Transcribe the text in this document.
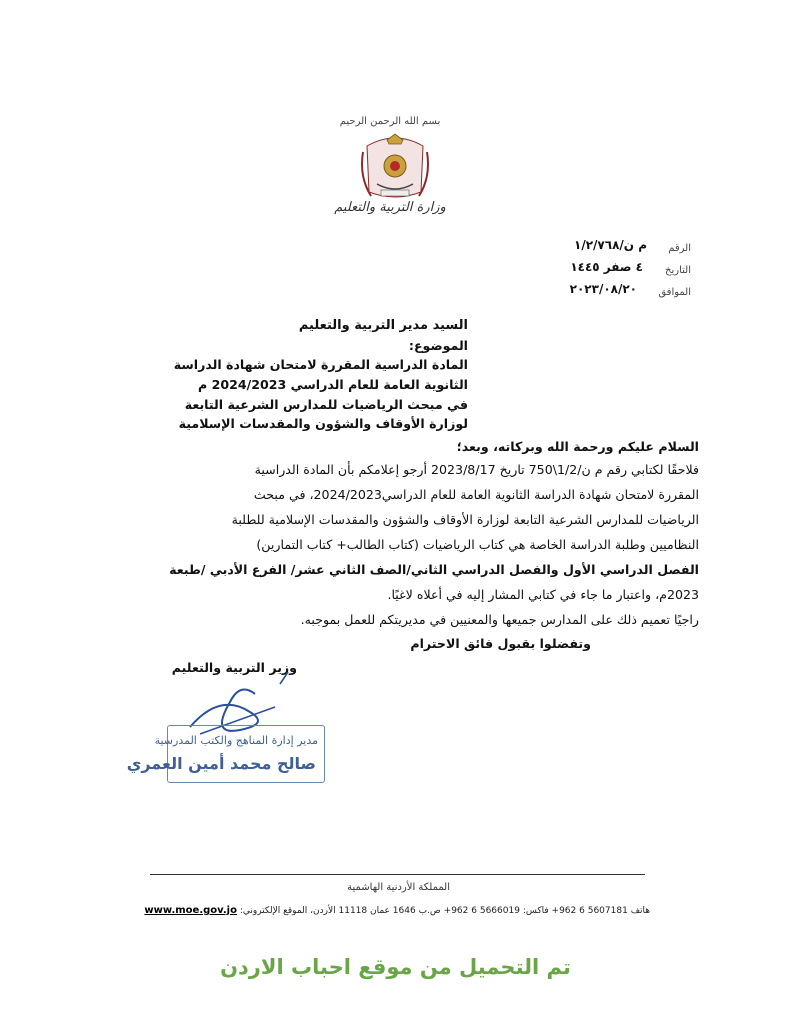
بسم الله الرحمن الرحيم
وزارة التربية والتعليم
الرقم
م ن/١/٢/٧٦٨
التاريخ
٤ صفر ١٤٤٥
الموافق
٢٠٢٣/٠٨/٢٠
السيد مدير التربية والتعليم
الموضوع:
المادة الدراسية المقررة لامتحان شهادة الدراسة
الثانوية العامة للعام الدراسي 2024/2023 م
في مبحث الرياضيات للمدارس الشرعية التابعة
لوزارة الأوقاف والشؤون والمقدسات الإسلامية
السلام عليكم ورحمة الله وبركاته، وبعد؛
فلاحقًا لكتابي رقم م ن/1/2\750 تاريخ 2023/8/17 أرجو إعلامكم بأن المادة الدراسية
المقررة لامتحان شهادة الدراسة الثانوية العامة للعام الدراسي2024/2023، في مبحث
الرياضيات للمدارس الشرعية التابعة لوزارة الأوقاف والشؤون والمقدسات الإسلامية للطلبة
النظاميين وطلبة الدراسة الخاصة هي كتاب الرياضيات (كتاب الطالب+ كتاب التمارين)
الفصل الدراسي الأول والفصل الدراسي الثاني/الصف الثاني عشر/ الفرع الأدبي /طبعة
2023م، واعتبار ما جاء في كتابي المشار إليه في أعلاه لاغيًا.
راجيًا تعميم ذلك على المدارس جميعها والمعنيين في مديريتكم للعمل بموجبه.
وتفضلوا بقبول فائق الاحترام
وزير التربية والتعليم
مدير إدارة المناهج والكتب المدرسية
صالح محمد أمين العمري
المملكة الأردنية الهاشمية
هاتف 5607181 6 962+ فاكس: 5666019 6 962+ ص.ب 1646 عمان 11118 الأردن، الموقع الإلكتروني: www.moe.gov.jo
تم التحميل من موقع احباب الاردن
